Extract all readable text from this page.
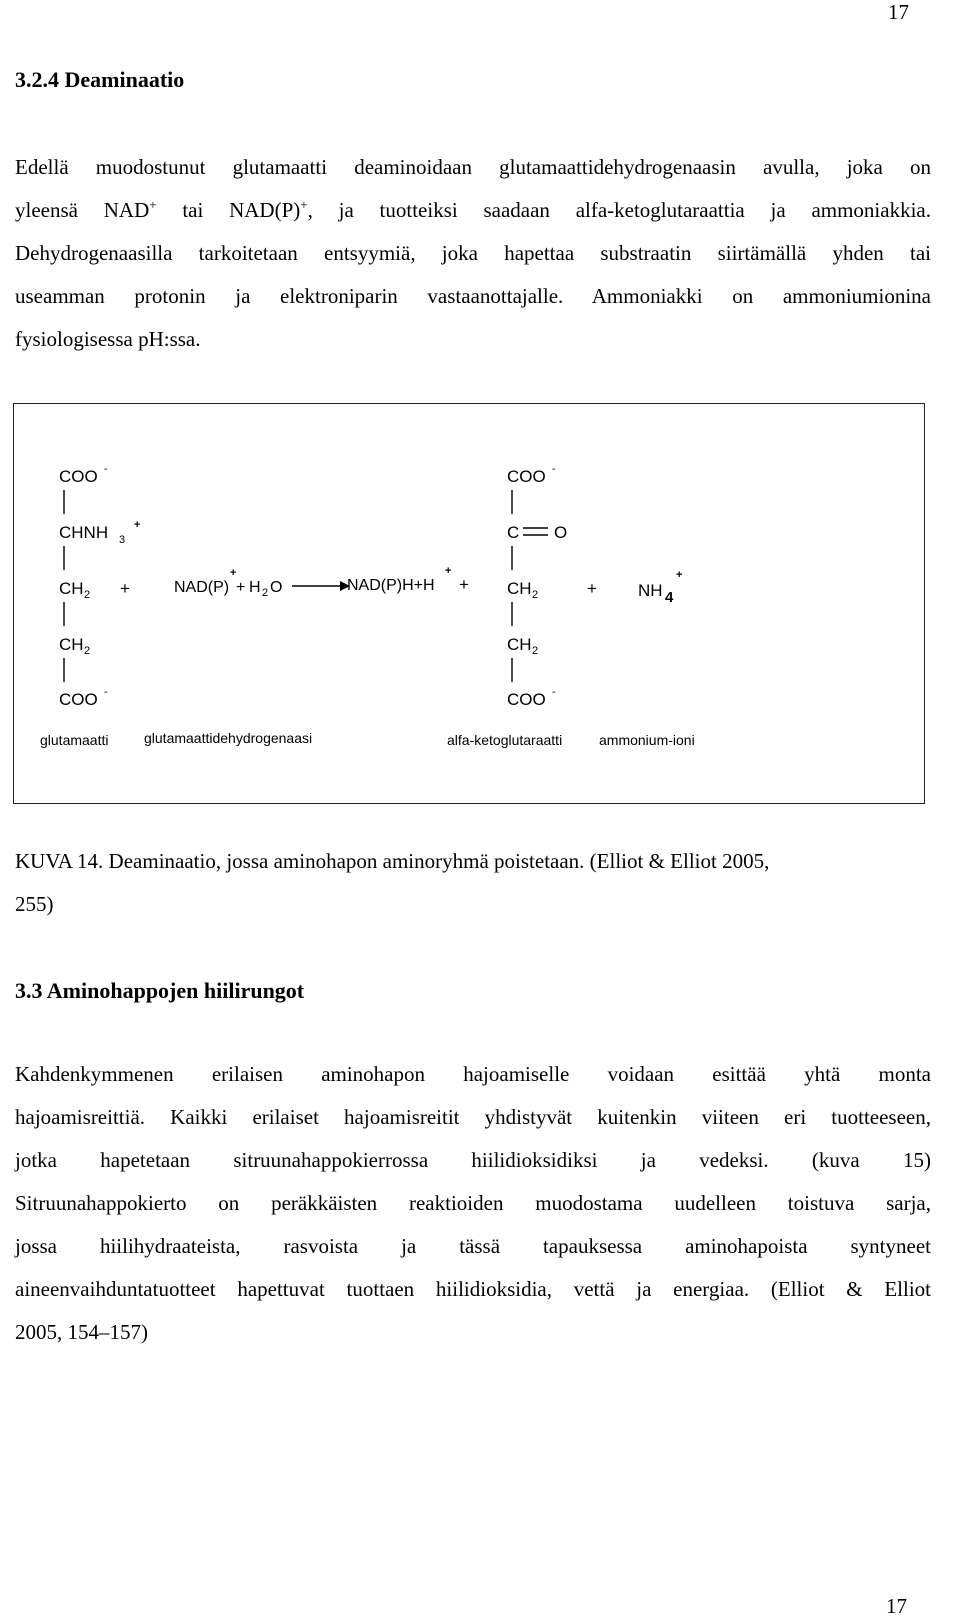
17
17
3.2.4 Deaminaatio
Edellä muodostunut glutamaatti deaminoidaan glutamaattidehydrogenaasin avulla, joka on
yleensä NAD+ tai NAD(P)+, ja tuotteiksi saadaan alfa-ketoglutaraattia ja ammoniakkia.
Dehydrogenaasilla tarkoitetaan entsyymiä, joka hapettaa substraatin siirtämällä yhden tai
useamman protonin ja elektroniparin vastaanottajalle. Ammoniakki on ammoniumionina
fysiologisessa pH:ssa.
COO -
CHNH 3
+
CH 2
CH 2
COO -
+	NAD(P)
+
+ H 2 O	NAD(P)H+H
+
+
COO -
C O
CH 2
CH 2
COO -
+ NH 4
+
glutamaatti	glutamaattidehydrogenaasi	alfa-ketoglutaraatti	ammonium-ioni
KUVA 14. Deaminaatio, jossa aminohapon aminoryhmä poistetaan. (Elliot & Elliot 2005,
255)
3.3 Aminohappojen hiilirungot
Kahdenkymmenen erilaisen aminohapon hajoamiselle voidaan esittää yhtä monta
hajoamisreittiä. Kaikki erilaiset hajoamisreitit yhdistyvät kuitenkin viiteen eri tuotteeseen,
jotka hapetetaan sitruunahappokierrossa hiilidioksidiksi ja vedeksi. (kuva 15)
Sitruunahappokierto on peräkkäisten reaktioiden muodostama uudelleen toistuva sarja,
jossa hiilihydraateista, rasvoista ja tässä tapauksessa aminohapoista syntyneet
aineenvaihduntatuotteet hapettuvat tuottaen hiilidioksidia, vettä ja energiaa. (Elliot & Elliot
2005, 154–157)
